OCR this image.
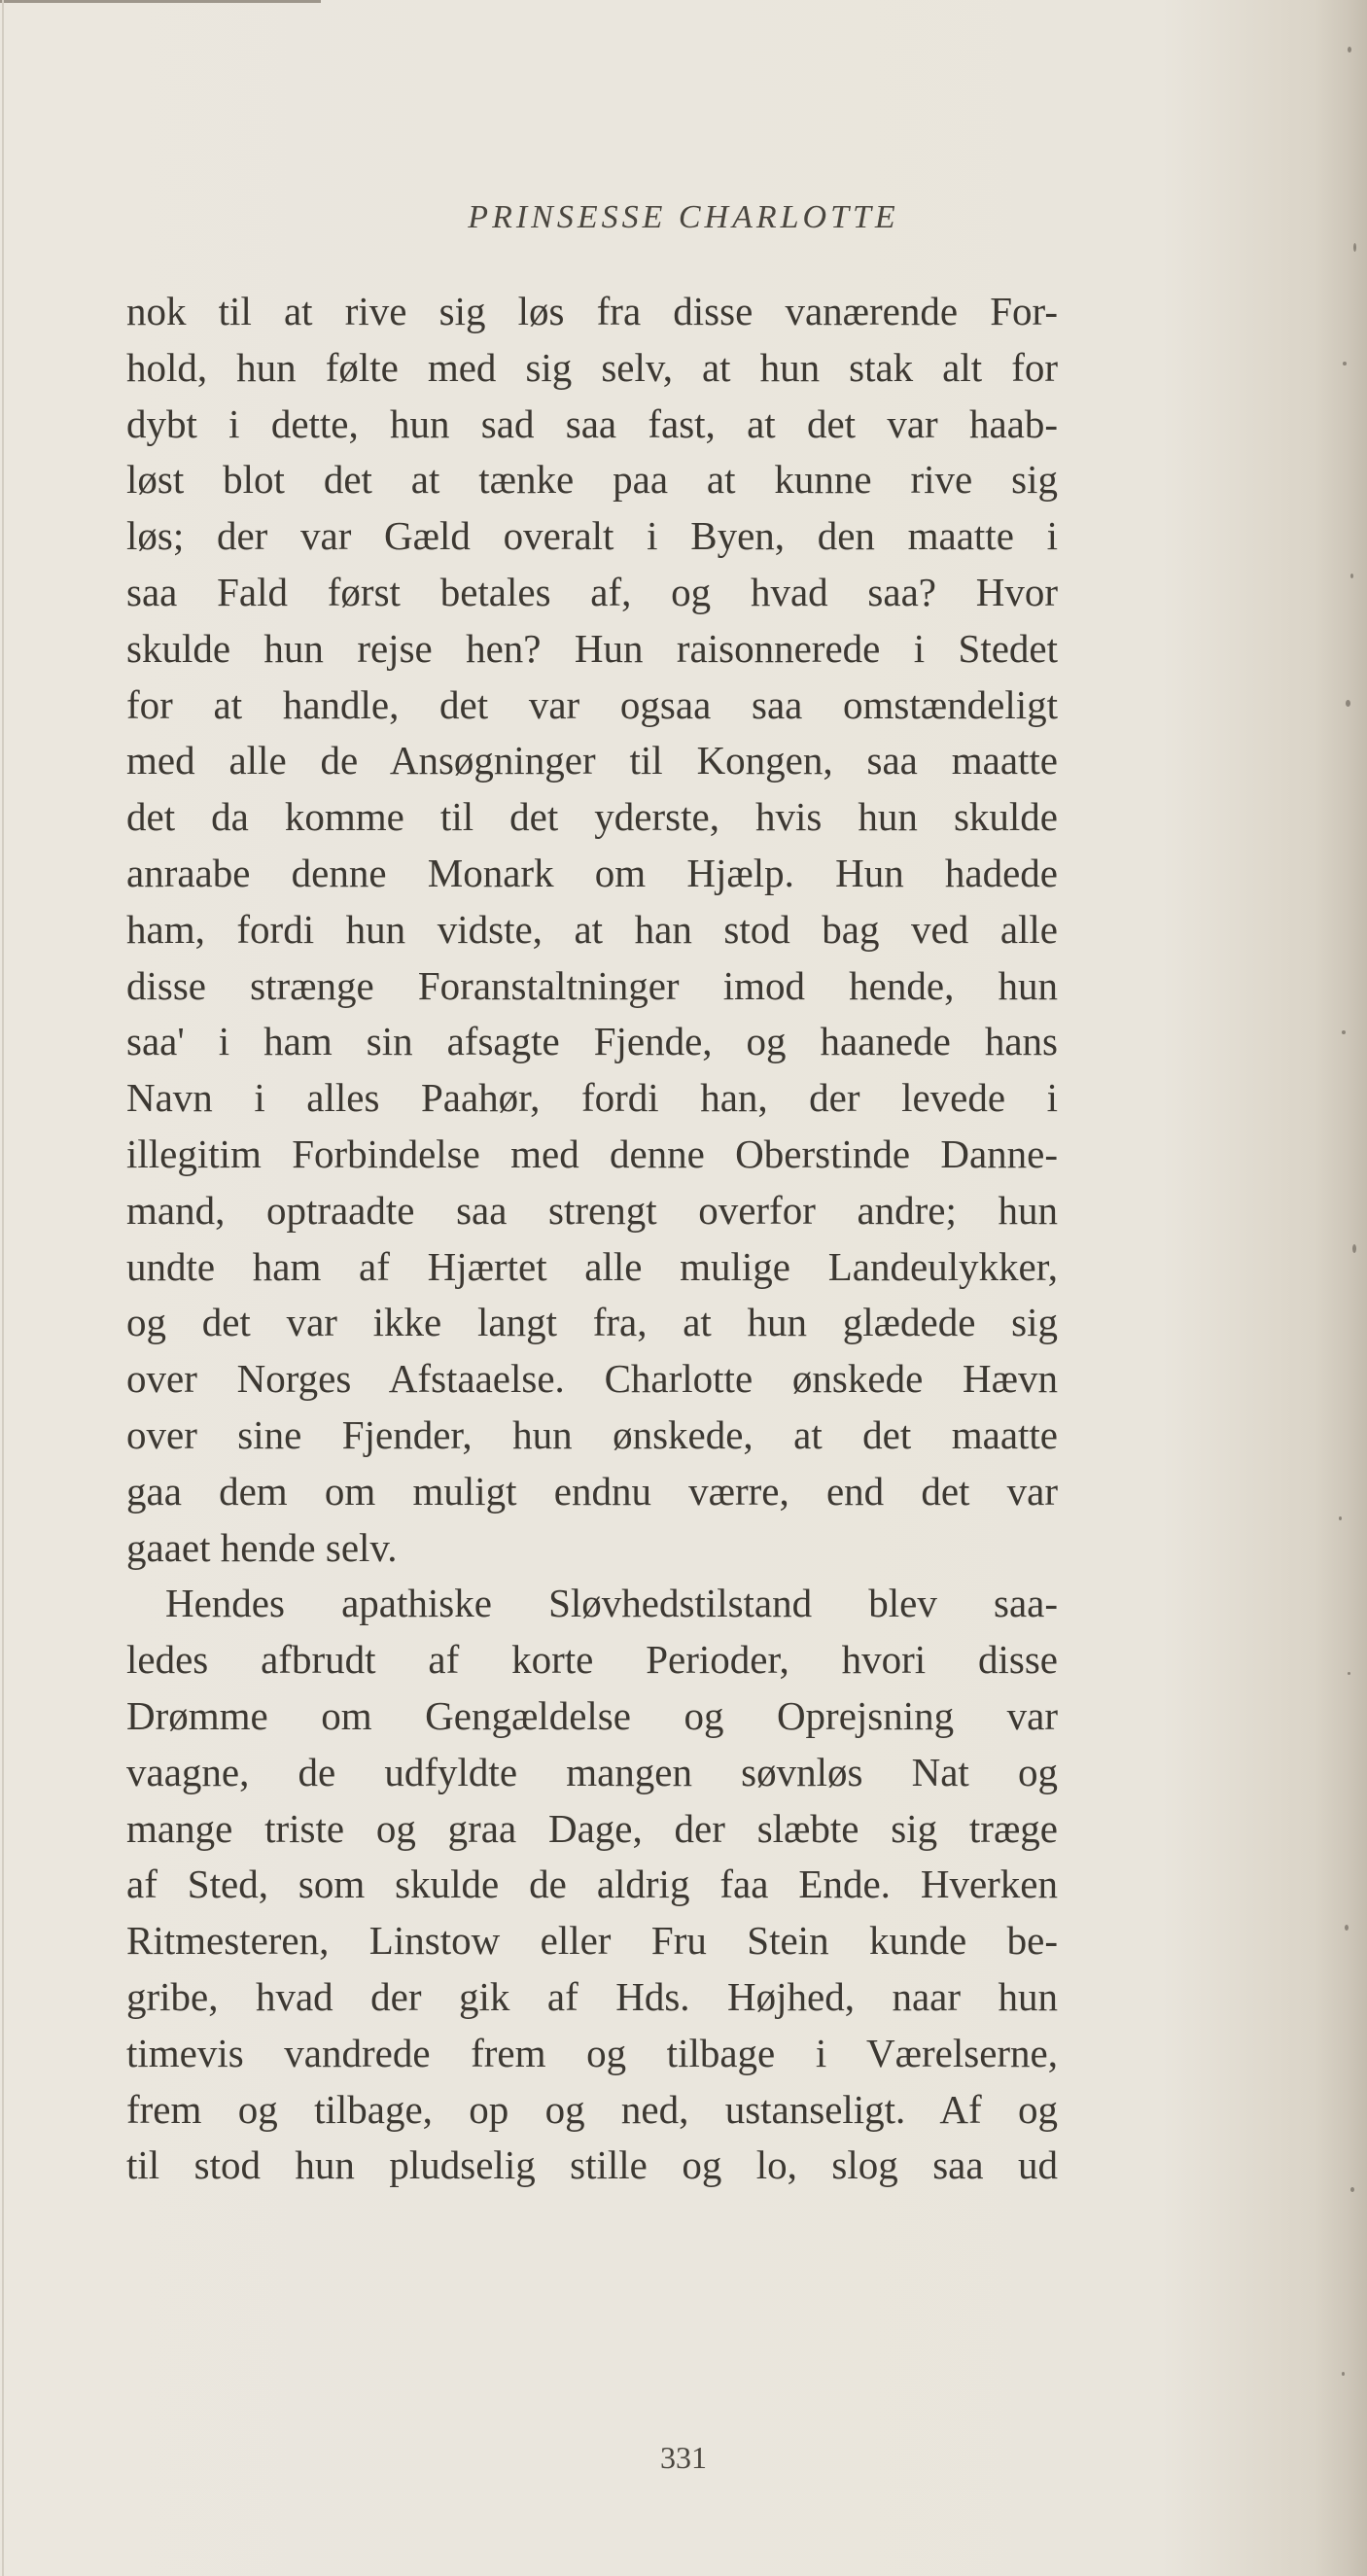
PRINSESSE CHARLOTTE
nok til at rive sig løs fra disse vanærende For-
hold, hun følte med sig selv, at hun stak alt for
dybt i dette, hun sad saa fast, at det var haab-
løst blot det at tænke paa at kunne rive sig
løs; der var Gæld overalt i Byen, den maatte i
saa Fald først betales af, og hvad saa? Hvor
skulde hun rejse hen? Hun raisonnerede i Stedet
for at handle, det var ogsaa saa omstændeligt
med alle de Ansøgninger til Kongen, saa maatte
det da komme til det yderste, hvis hun skulde
anraabe denne Monark om Hjælp. Hun hadede
ham, fordi hun vidste, at han stod bag ved alle
disse strænge Foranstaltninger imod hende, hun
saa' i ham sin afsagte Fjende, og haanede hans
Navn i alles Paahør, fordi han, der levede i
illegitim Forbindelse med denne Oberstinde Danne-
mand, optraadte saa strengt overfor andre; hun
undte ham af Hjærtet alle mulige Landeulykker,
og det var ikke langt fra, at hun glædede sig
over Norges Afstaaelse. Charlotte ønskede Hævn
over sine Fjender, hun ønskede, at det maatte
gaa dem om muligt endnu værre, end det var
gaaet hende selv.
Hendes apathiske Sløvhedstilstand blev saa-
ledes afbrudt af korte Perioder, hvori disse
Drømme om Gengældelse og Oprejsning var
vaagne, de udfyldte mangen søvnløs Nat og
mange triste og graa Dage, der slæbte sig træge
af Sted, som skulde de aldrig faa Ende. Hverken
Ritmesteren, Linstow eller Fru Stein kunde be-
gribe, hvad der gik af Hds. Højhed, naar hun
timevis vandrede frem og tilbage i Værelserne,
frem og tilbage, op og ned, ustanseligt. Af og
til stod hun pludselig stille og lo, slog saa ud
331
